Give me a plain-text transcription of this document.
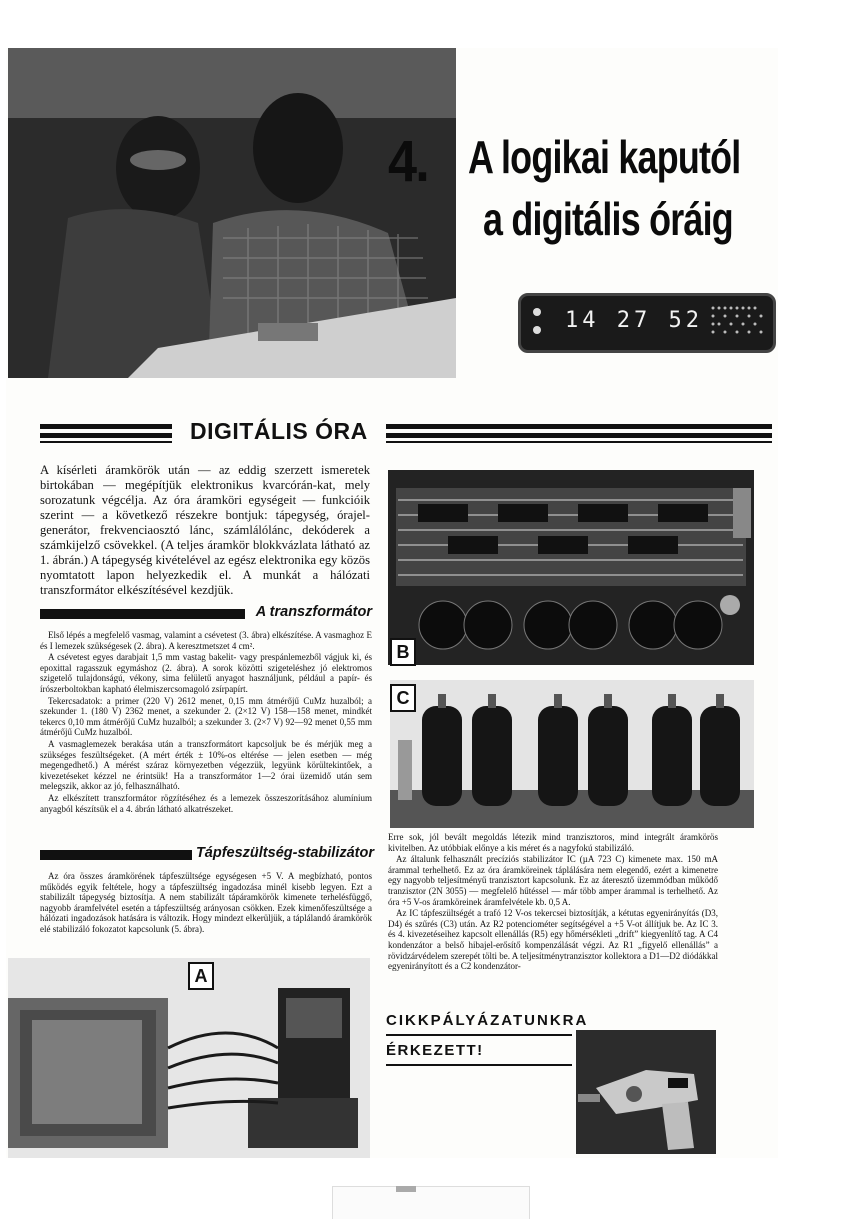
4. A logikai kaputól
a digitális óráig
14 27 52
DIGITÁLIS ÓRA
A kísérleti áramkörök után — az eddig szerzett ismeretek birtokában — megépítjük elektronikus kvarcórán-kat, mely sorozatunk végcélja. Az óra áramköri egységeit — funkcióik szerint — a következő részekre bontjuk: tápegység, órajel-generátor, frekvenciaosztó lánc, számlálólánc, dekóderek a számkijelző csövekkel. (A teljes áramkör blokkvázlata látható az 1. ábrán.) A tápegység kivételével az egész elektronika egy közös nyomtatott lapon helyezkedik el. A munkát a hálózati transzformátor elkészítésével kezdjük.
A transzformátor

Első lépés a megfelelő vasmag, valamint a csévetest (3. ábra) elkészítése. A vasmaghoz E és I lemezek szükségesek (2. ábra). A keresztmetszet 4 cm².

A csévetest egyes darabjait 1,5 mm vastag bakelit- vagy prespánlemezből vágjuk ki, és epoxittal ragasszuk egymáshoz (2. ábra). A sorok közötti szigeteléshez jó elektromos szigetelő tulajdonságú, vékony, sima felületű anyagot használjunk, például a papír- és írószerboltokban kapható élelmiszercsomagoló zsírpapírt.

Tekercsadatok: a primer (220 V) 2612 menet, 0,15 mm átmérőjű CuMz huzalból; a szekunder 1. (180 V) 2362 menet, a szekunder 2. (2×12 V) 158—158 menet, mindkét tekercs 0,10 mm átmérőjű CuMz huzalból; a szekunder 3. (2×7 V) 92—92 menet 0,55 mm átmérőjű CuMz huzalból.

A vasmaglemezek berakása után a transzformátort kapcsoljuk be és mérjük meg a szükséges feszültségeket. (A mért érték ± 10%-os eltérése — jelen esetben — még megengedhető.) A mérést száraz környezetben végezzük, legyünk körültekintőek, a kivezetéseket kézzel ne érintsük! Ha a transzformátor 1—2 órai üzemidő után sem melegszik, akkor az jó, felhasználható.

Az elkészített transzformátor rögzítéséhez és a lemezek összeszorításához alumínium anyagból készítsük el a 4. ábrán látható alkatrészeket.

Tápfeszültség-stabilizátor

Az óra összes áramkörének tápfeszültsége egységesen +5 V. A megbízható, pontos működés egyik feltétele, hogy a tápfeszültség ingadozása minél kisebb legyen. Ezt a stabilizált tápegység biztosítja. A nem stabilizált tápáramkörök kimenete terhelésfüggő, nagyobb áramfelvétel esetén a tápfeszültség arányosan csökken. Ezek kimenőfeszültsége a hálózati ingadozások hatására is változik. Hogy mindezt elkerüljük, a táplálandó áramkörök elé stabilizáló fokozatot kapcsolunk (5. ábra).

A
B
C

Erre sok, jól bevált megoldás létezik mind tranzisztoros, mind integrált áramkörös kivitelben. Az utóbbiak előnye a kis méret és a nagyfokú stabilizáló.

Az általunk felhasznált precíziós stabilizátor IC (µA 723 C) kimenete max. 150 mA árammal terhelhető. Ez az óra áramköreinek táplálására nem elegendő, ezért a kimenetre egy nagyobb teljesítményű tranzisztort kapcsolunk. Ez az áteresztő üzemmódban működő tranzisztor (2N 3055) — megfelelő hűtéssel — már több amper árammal is terhelhető. Az óra +5 V-os áramköreinek áramfelvétele kb. 0,5 A.

Az IC tápfeszültségét a trafó 12 V-os tekercsei biztosítják, a kétutas egyenirányítás (D3, D4) és szűrés (C3) után. Az R2 potenciométer segítségével a +5 V-ot állítjuk be. Az IC 3. és 4. kivezetéseihez kapcsolt ellenállás (R5) egy hőmérsékleti „drift” kiegyenlítő tag. A C4 kondenzátor a belső hibajel-erősítő kompenzálását végzi. Az R1 „figyelő ellenállás” a rövidzárvédelem szerepét tölti be. A teljesítménytranzisztor kollektora a D1—D2 diódákkal egyenirányított és a C2 kondenzátor-

CIKKPÁLYÁZATUNKRA
ÉRKEZETT!
